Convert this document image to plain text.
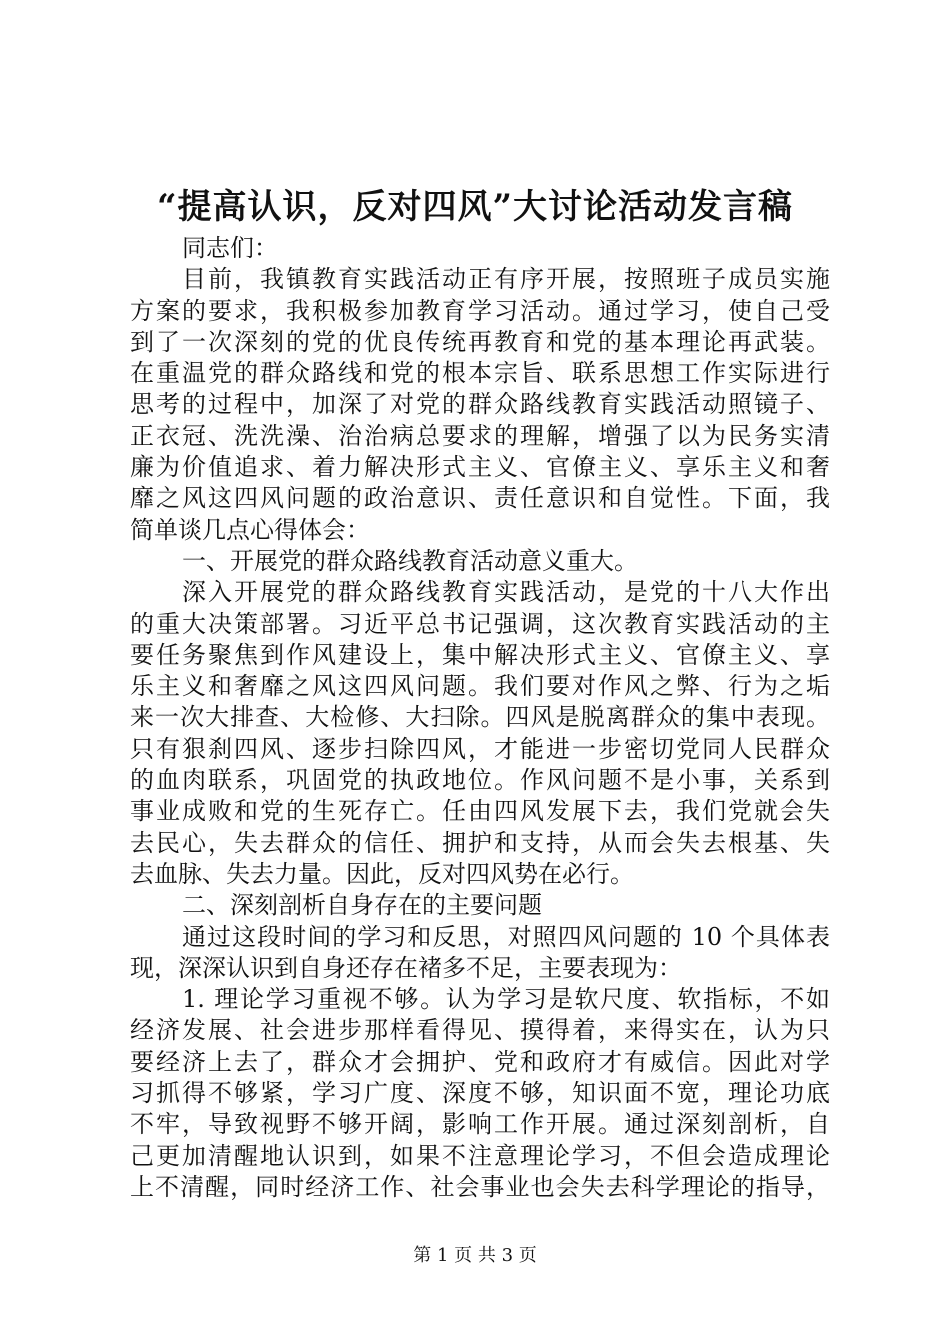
“提高认识，反对四风”大讨论活动发言稿
同志们：
目前，我镇教育实践活动正有序开展，按照班子成员实施
方案的要求，我积极参加教育学习活动。通过学习，使自己受
到了一次深刻的党的优良传统再教育和党的基本理论再武装。
在重温党的群众路线和党的根本宗旨、联系思想工作实际进行
思考的过程中，加深了对党的群众路线教育实践活动照镜子、
正衣冠、洗洗澡、治治病总要求的理解，增强了以为民务实清
廉为价值追求、着力解决形式主义、官僚主义、享乐主义和奢
靡之风这四风问题的政治意识、责任意识和自觉性。下面，我
简单谈几点心得体会：
一、开展党的群众路线教育活动意义重大。
深入开展党的群众路线教育实践活动，是党的十八大作出
的重大决策部署。习近平总书记强调，这次教育实践活动的主
要任务聚焦到作风建设上，集中解决形式主义、官僚主义、享
乐主义和奢靡之风这四风问题。我们要对作风之弊、行为之垢
来一次大排查、大检修、大扫除。四风是脱离群众的集中表现。
只有狠刹四风、逐步扫除四风，才能进一步密切党同人民群众
的血肉联系，巩固党的执政地位。作风问题不是小事，关系到
事业成败和党的生死存亡。任由四风发展下去，我们党就会失
去民心，失去群众的信任、拥护和支持，从而会失去根基、失
去血脉、失去力量。因此，反对四风势在必行。
二、深刻剖析自身存在的主要问题
通过这段时间的学习和反思，对照四风问题的 10 个具体表
现，深深认识到自身还存在褚多不足，主要表现为：
1. 理论学习重视不够。认为学习是软尺度、软指标，不如
经济发展、社会进步那样看得见、摸得着，来得实在，认为只
要经济上去了，群众才会拥护、党和政府才有威信。因此对学
习抓得不够紧，学习广度、深度不够，知识面不宽，理论功底
不牢，导致视野不够开阔，影响工作开展。通过深刻剖析，自
己更加清醒地认识到，如果不注意理论学习，不但会造成理论
上不清醒，同时经济工作、社会事业也会失去科学理论的指导，
第 1 页 共 3 页
